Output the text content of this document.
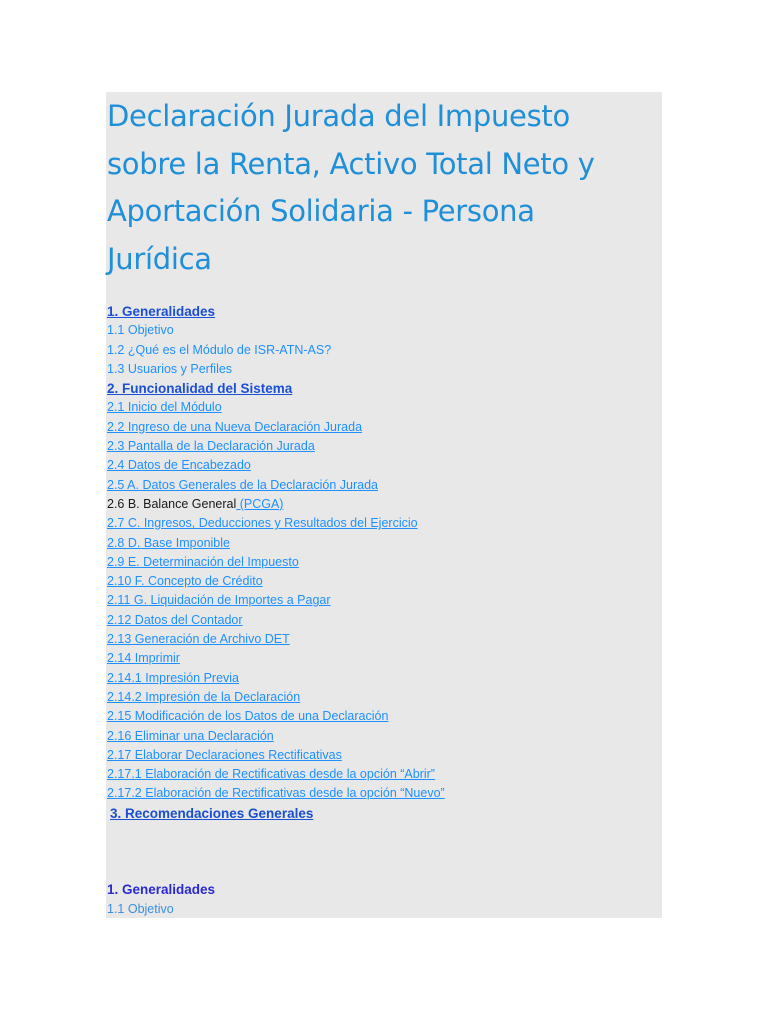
Declaración Jurada del Impuesto sobre la Renta, Activo Total Neto y Aportación Solidaria - Persona Jurídica
1. Generalidades
1.1 Objetivo
1.2 ¿Qué es el Módulo de ISR-ATN-AS?
1.3 Usuarios y Perfiles
2. Funcionalidad del Sistema
2.1 Inicio del Módulo
2.2 Ingreso de una Nueva Declaración Jurada
2.3 Pantalla de la Declaración Jurada
2.4 Datos de Encabezado
2.5 A. Datos Generales de la Declaración Jurada
2.6 B. Balance General (PCGA)
2.7 C. Ingresos, Deducciones y Resultados del Ejercicio
2.8 D. Base Imponible
2.9 E. Determinación del Impuesto
2.10 F. Concepto de Crédito
2.11 G. Liquidación de Importes a Pagar
2.12 Datos del Contador
2.13 Generación de Archivo DET
2.14 Imprimir
2.14.1 Impresión Previa
2.14.2 Impresión de la Declaración
2.15 Modificación de los Datos de una Declaración
2.16 Eliminar una Declaración
2.17 Elaborar Declaraciones Rectificativas
2.17.1 Elaboración de Rectificativas desde la opción “Abrir”
2.17.2 Elaboración de Rectificativas desde la opción “Nuevo”
3. Recomendaciones Generales
1. Generalidades
1.1 Objetivo
